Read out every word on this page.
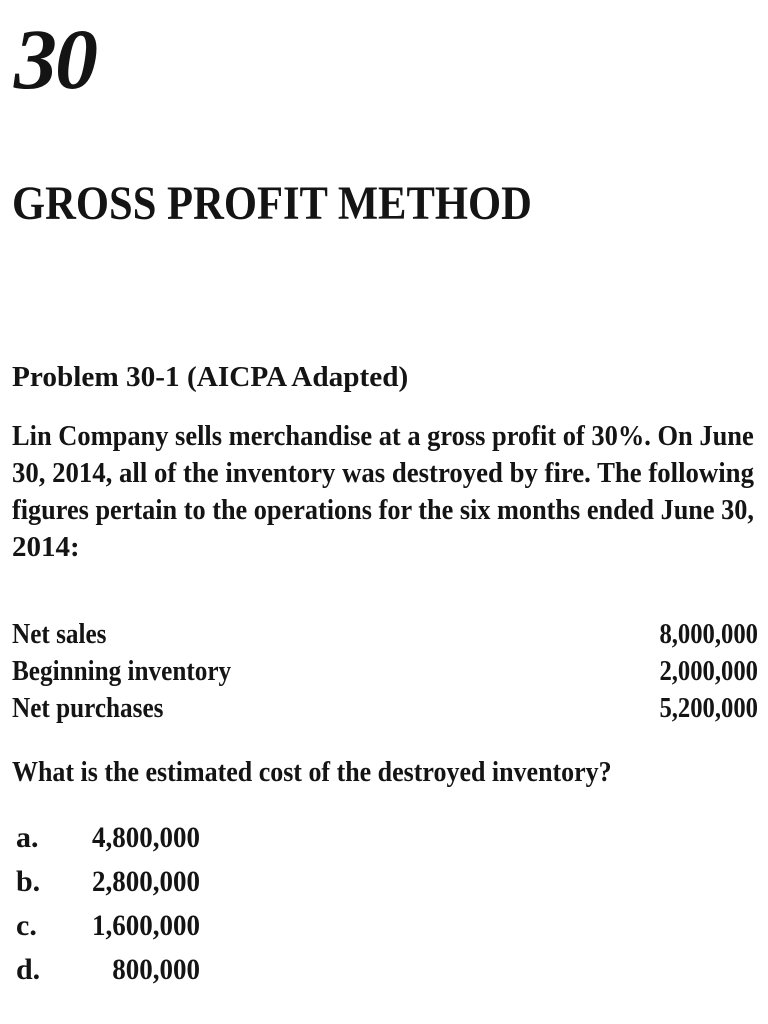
30
GROSS PROFIT METHOD
Problem 30-1 (AICPA Adapted)
Lin Company sells merchandise at a gross profit of 30%. On June
30, 2014, all of the inventory was destroyed by fire. The following
figures pertain to the operations for the six months ended June 30,
2014:
Net sales	8,000,000
Beginning inventory	2,000,000
Net purchases	5,200,000
What is the estimated cost of the destroyed inventory?
a.	4,800,000
b.	2,800,000
c.	1,600,000
d.	800,000
